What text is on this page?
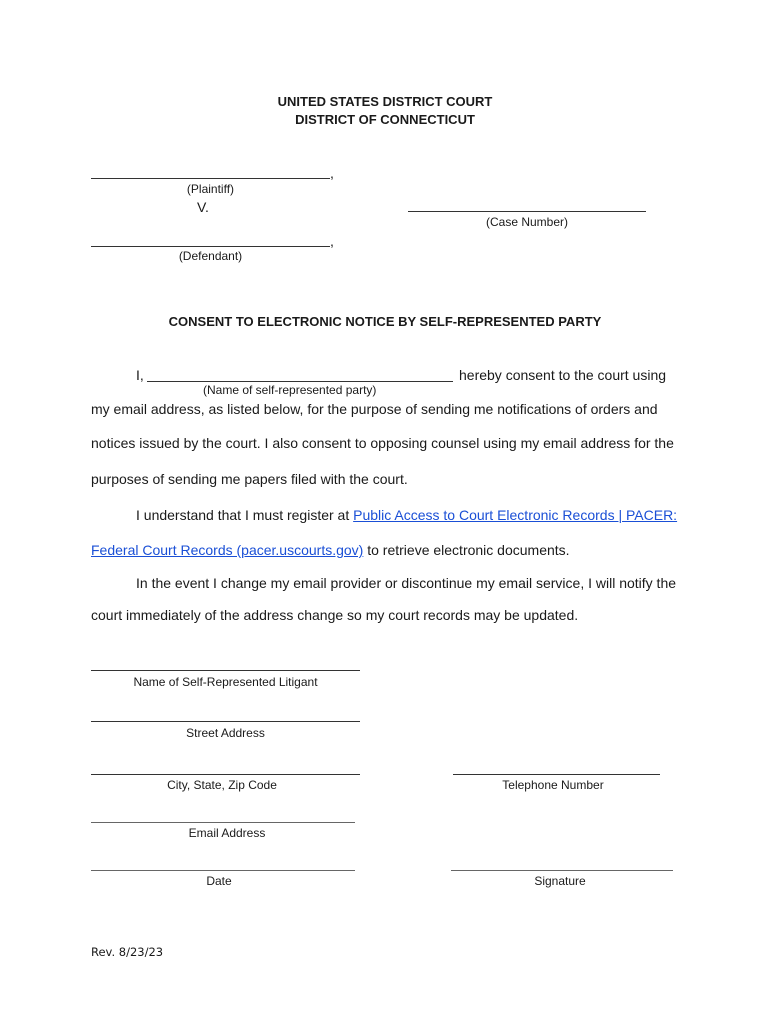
UNITED STATES DISTRICT COURT
DISTRICT OF CONNECTICUT
,
(Plaintiff)
V.
(Case Number)
,
(Defendant)
CONSENT TO ELECTRONIC NOTICE BY SELF-REPRESENTED PARTY
I,	hereby consent to the court using
(Name of self-represented party)
my email address, as listed below, for the purpose of sending me notifications of orders and
notices issued by the court. I also consent to opposing counsel using my email address for the
purposes of sending me papers filed with the court.
I understand that I must register at Public Access to Court Electronic Records | PACER:
Federal Court Records (pacer.uscourts.gov) to retrieve electronic documents.
In the event I change my email provider or discontinue my email service, I will notify the
court immediately of the address change so my court records may be updated.
Name of Self-Represented Litigant
Street Address
City, State, Zip Code	Telephone Number
Email Address
Date	Signature
Rev. 8/23/23
